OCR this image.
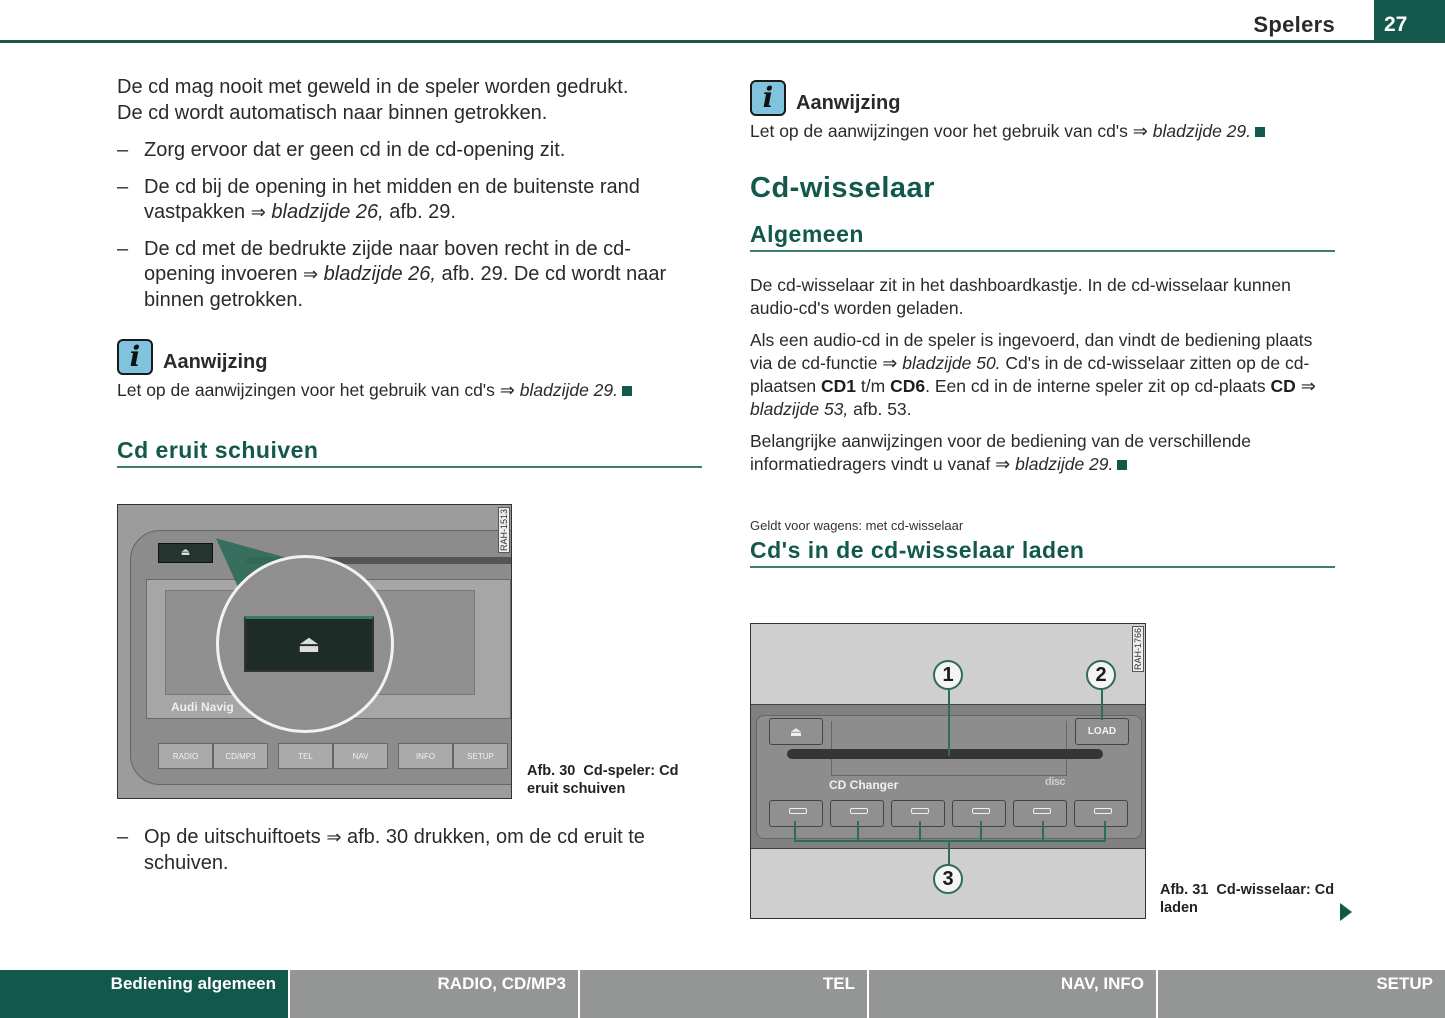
Spelers 27

De cd mag nooit met geweld in de speler worden gedrukt.

De cd wordt automatisch naar binnen getrokken.

– Zorg ervoor dat er geen cd in de cd-opening zit.
– De cd bij de opening in het midden en de buitenste rand vastpakken ⇒ bladzijde 26, afb. 29.
– De cd met de bedrukte zijde naar boven recht in de cd-opening invoeren ⇒ bladzijde 26, afb. 29. De cd wordt naar binnen getrokken.
i	Aanwijzing
Let op de aanwijzingen voor het gebruik van cd's ⇒ bladzijde 29.
Cd eruit schuiven
⏏
Audi Navig
RADIO	CD/MP3	TEL	NAV	INFO	SETUP
⏏
RAH-1513
Afb. 30 Cd-speler: Cd eruit schuiven
– Op de uitschuiftoets ⇒ afb. 30 drukken, om de cd eruit te schuiven.
i	Aanwijzing
Let op de aanwijzingen voor het gebruik van cd's ⇒ bladzijde 29.
Cd-wisselaar
Algemeen

De cd-wisselaar zit in het dashboardkastje. In de cd-wisselaar kunnen audio-cd's worden geladen.

Als een audio-cd in de speler is ingevoerd, dan vindt de bediening plaats via de cd-functie ⇒ bladzijde 50. Cd's in de cd-wisselaar zitten op de cd-plaatsen CD1 t/m CD6. Een cd in de interne speler zit op cd-plaats CD ⇒ bladzijde 53, afb. 53.

Belangrijke aanwijzingen voor de bediening van de verschillende informatiedragers vindt u vanaf ⇒ bladzijde 29.

Geldt voor wagens: met cd-wisselaar
Cd's in de cd-wisselaar laden
⏏	LOAD
CD Changer	disc
1	2
3
RAH-1766
Afb. 31 Cd-wisselaar: Cd laden
Bediening algemeen	RADIO, CD/MP3	TEL	NAV, INFO	SETUP
